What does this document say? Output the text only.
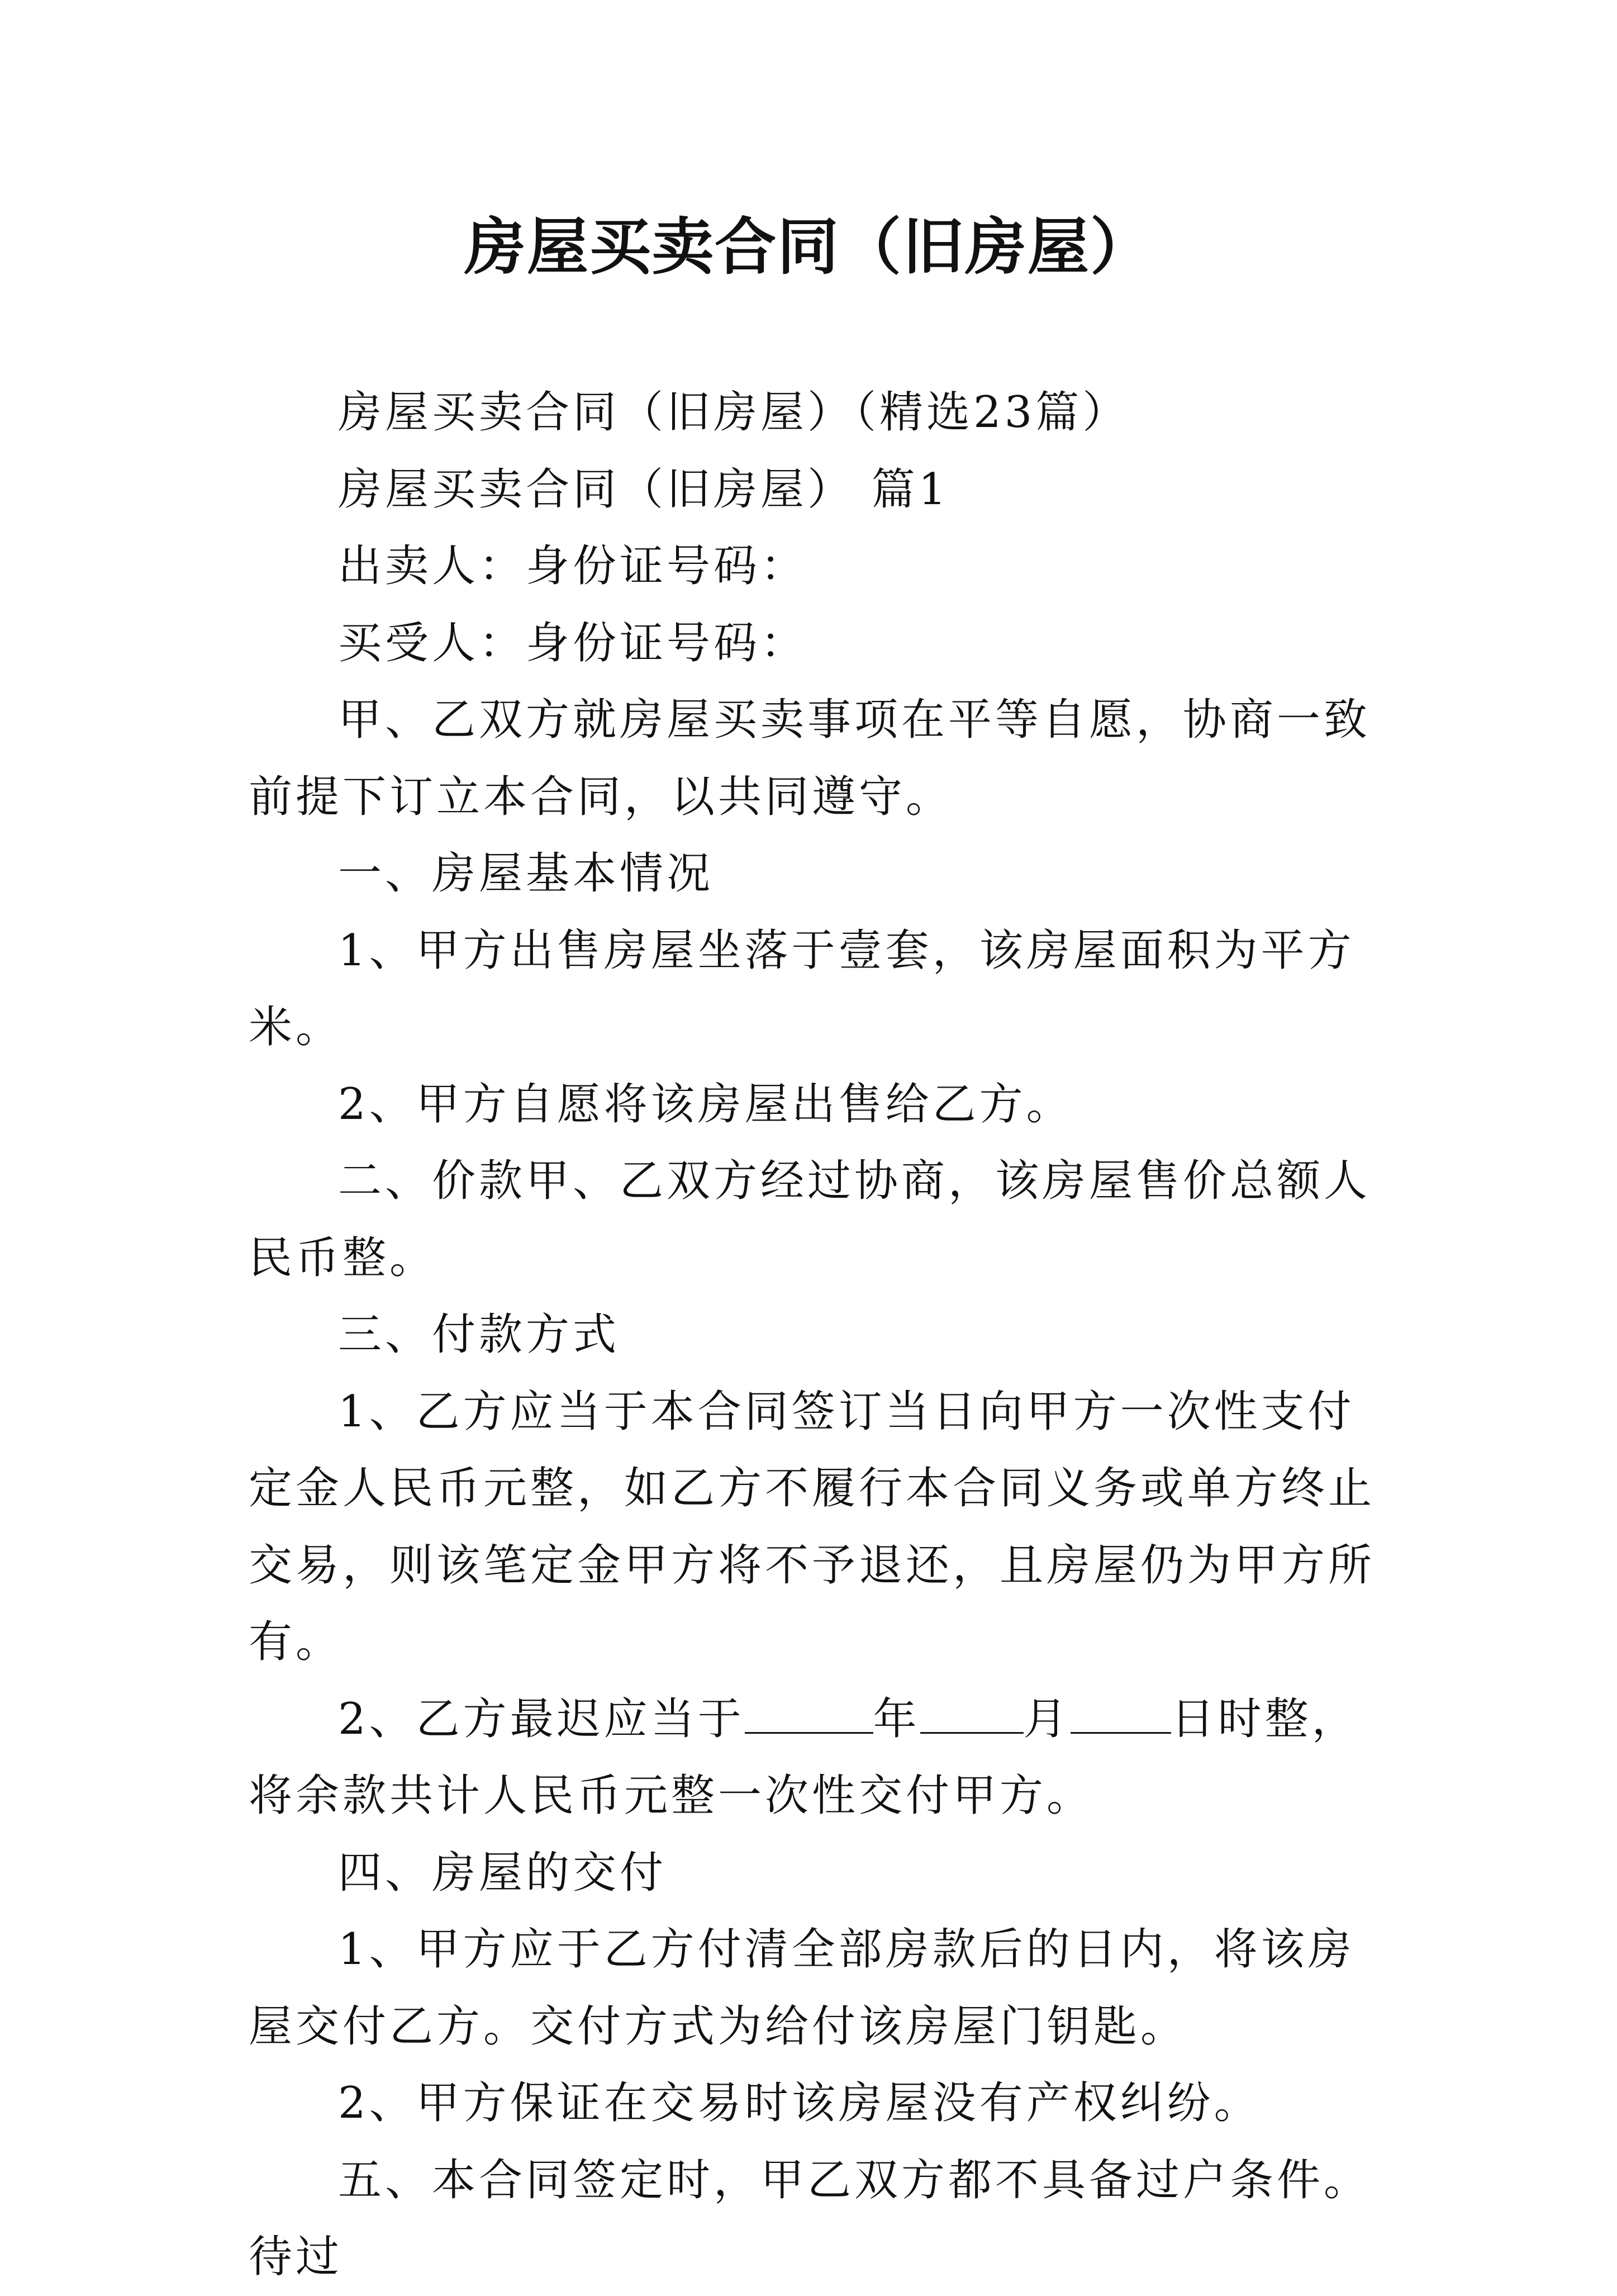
房屋买卖合同（旧房屋）

房屋买卖合同（旧房屋）（精选23篇）

房屋买卖合同（旧房屋） 篇1

出卖人：身份证号码：

买受人：身份证号码：

甲、乙双方就房屋买卖事项在平等自愿，协商一致前提下订立本合同，以共同遵守。

一、房屋基本情况

1、甲方出售房屋坐落于壹套，该房屋面积为平方米。

2、甲方自愿将该房屋出售给乙方。

二、价款甲、乙双方经过协商，该房屋售价总额人民币整。

三、付款方式

1、乙方应当于本合同签订当日向甲方一次性支付定金人民币元整，如乙方不履行本合同义务或单方终止交易，则该笔定金甲方将不予退还，且房屋仍为甲方所有。

2、乙方最迟应当于	年 月 日时整，将余款共计人民币元整一次性交付甲方。

四、房屋的交付

1、甲方应于乙方付清全部房款后的日内，将该房屋交付乙方。交付方式为给付该房屋门钥匙。

2、甲方保证在交易时该房屋没有产权纠纷。

五、本合同签定时，甲乙双方都不具备过户条件。待过
